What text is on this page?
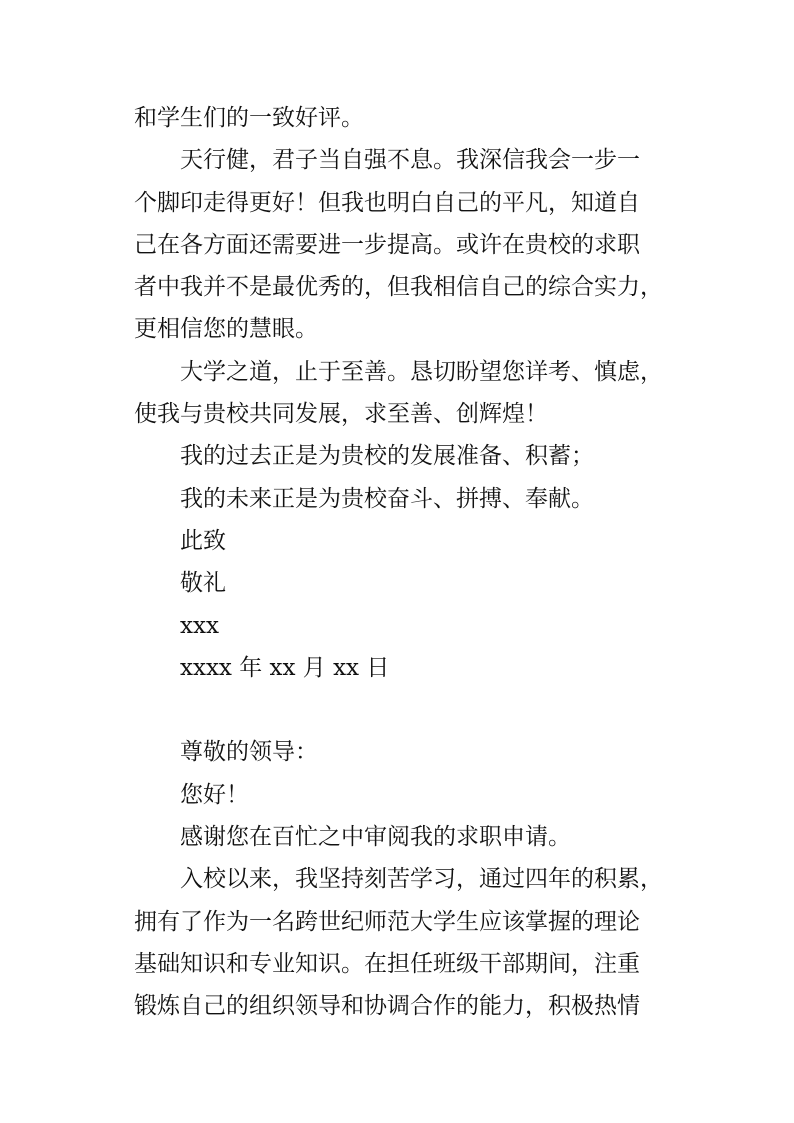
和学生们的一致好评。
天行健，君子当自强不息。我深信我会一步一
个脚印走得更好！但我也明白自己的平凡，知道自
己在各方面还需要进一步提高。或许在贵校的求职
者中我并不是最优秀的，但我相信自己的综合实力，
更相信您的慧眼。
大学之道，止于至善。恳切盼望您详考、慎虑，
使我与贵校共同发展，求至善、创辉煌！
我的过去正是为贵校的发展准备、积蓄；
我的未来正是为贵校奋斗、拼搏、奉献。
此致
敬礼
xxx
xxxx 年 xx 月 xx 日
尊敬的领导：
您好！
感谢您在百忙之中审阅我的求职申请。
入校以来，我坚持刻苦学习，通过四年的积累，
拥有了作为一名跨世纪师范大学生应该掌握的理论
基础知识和专业知识。在担任班级干部期间，注重
锻炼自己的组织领导和协调合作的能力，积极热情
